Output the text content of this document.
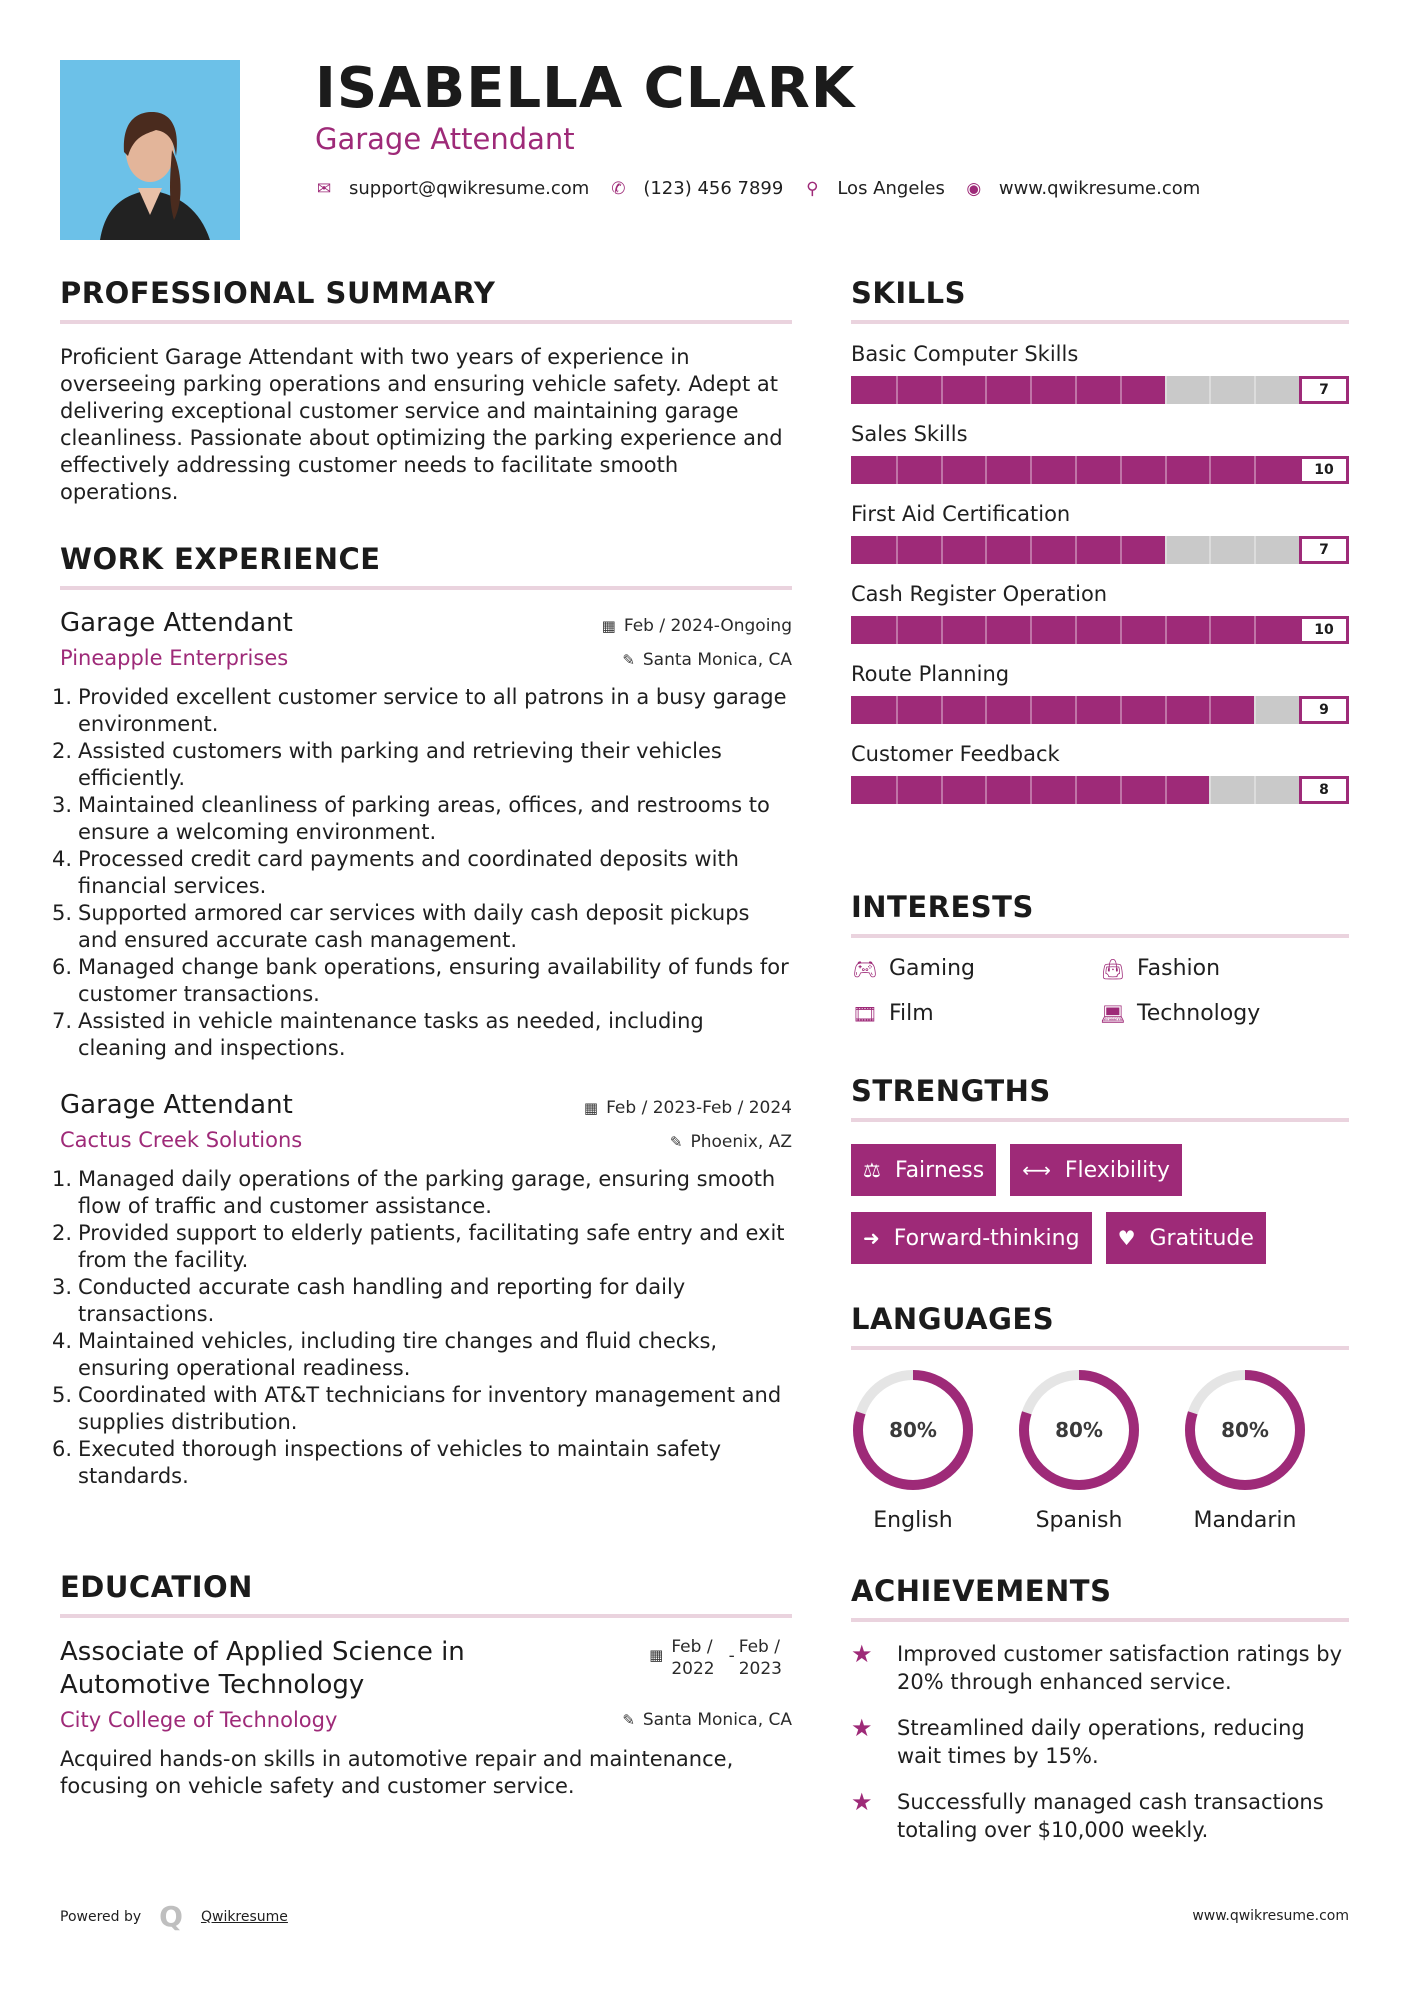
ISABELLA CLARK
Garage Attendant
✉ support@qwikresume.com ✆ (123) 456 7899 ⚲ Los Angeles ◉ www.qwikresume.com
PROFESSIONAL SUMMARY
Proficient Garage Attendant with two years of experience in overseeing parking operations and ensuring vehicle safety. Adept at delivering exceptional customer service and maintaining garage cleanliness. Passionate about optimizing the parking experience and effectively addressing customer needs to facilitate smooth operations.
WORK EXPERIENCE
Garage Attendant	▦ Feb / 2024-Ongoing
Pineapple Enterprises	✎ Santa Monica, CA
1. Provided excellent customer service to all patrons in a busy garage environment.
2. Assisted customers with parking and retrieving their vehicles efficiently.
3. Maintained cleanliness of parking areas, offices, and restrooms to ensure a welcoming environment.
4. Processed credit card payments and coordinated deposits with financial services.
5. Supported armored car services with daily cash deposit pickups and ensured accurate cash management.
6. Managed change bank operations, ensuring availability of funds for customer transactions.
7. Assisted in vehicle maintenance tasks as needed, including cleaning and inspections.
Garage Attendant	▦ Feb / 2023-Feb / 2024
Cactus Creek Solutions	✎ Phoenix, AZ
1. Managed daily operations of the parking garage, ensuring smooth flow of traffic and customer assistance.
2. Provided support to elderly patients, facilitating safe entry and exit from the facility.
3. Conducted accurate cash handling and reporting for daily transactions.
4. Maintained vehicles, including tire changes and fluid checks, ensuring operational readiness.
5. Coordinated with AT&T technicians for inventory management and supplies distribution.
6. Executed thorough inspections of vehicles to maintain safety standards.
EDUCATION
Associate of Applied Science in
Automotive Technology
▦ Feb /
2022
- Feb /
2023
City College of Technology	✎ Santa Monica, CA
Acquired hands-on skills in automotive repair and maintenance, focusing on vehicle safety and customer service.
SKILLS
Basic Computer Skills
7
Sales Skills
10
First Aid Certification
7
Cash Register Operation
10
Route Planning
9
Customer Feedback
8
INTERESTS
🎮︎ Gaming	👜︎ Fashion
🎞︎ Film	💻︎ Technology
STRENGTHS
⚖ Fairness ⟷ Flexibility
➜ Forward-thinking ♥ Gratitude
LANGUAGES
80%
English
80%
Spanish
80%
Mandarin
ACHIEVEMENTS
★	Improved customer satisfaction ratings by 20% through enhanced service.
★	Streamlined daily operations, reducing wait times by 15%.
★	Successfully managed cash transactions totaling over $10,000 weekly.
Powered by Q Qwikresume	www.qwikresume.com
